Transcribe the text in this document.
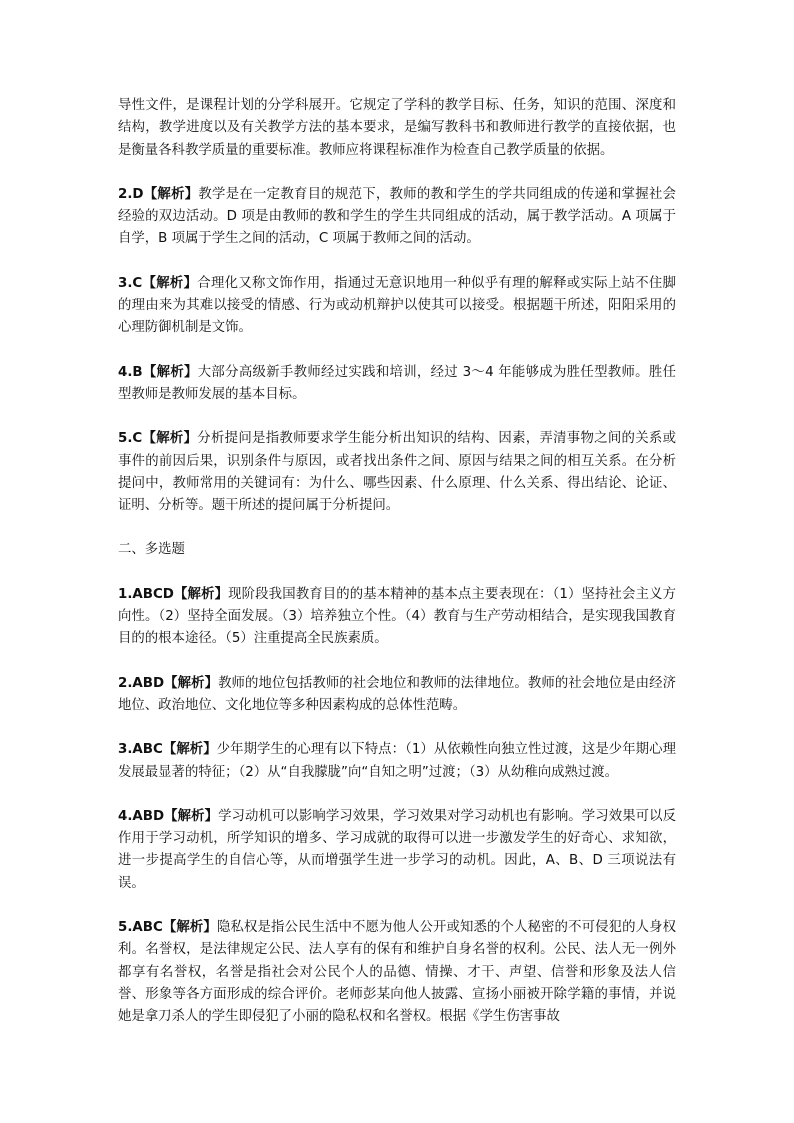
导性文件，是课程计划的分学科展开。它规定了学科的教学目标、任务，知识的范围、深度和结构，教学进度以及有关教学方法的基本要求，是编写教科书和教师进行教学的直接依据，也是衡量各科教学质量的重要标准。教师应将课程标准作为检查自己教学质量的依据。

2.D【解析】教学是在一定教育目的规范下，教师的教和学生的学共同组成的传递和掌握社会经验的双边活动。D 项是由教师的教和学生的学生共同组成的活动，属于教学活动。A 项属于自学，B 项属于学生之间的活动，C 项属于教师之间的活动。

3.C【解析】合理化又称文饰作用，指通过无意识地用一种似乎有理的解释或实际上站不住脚的理由来为其难以接受的情感、行为或动机辩护以使其可以接受。根据题干所述，阳阳采用的心理防御机制是文饰。

4.B【解析】大部分高级新手教师经过实践和培训，经过 3～4 年能够成为胜任型教师。胜任型教师是教师发展的基本目标。

5.C【解析】分析提问是指教师要求学生能分析出知识的结构、因素，弄清事物之间的关系或事件的前因后果，识别条件与原因，或者找出条件之间、原因与结果之间的相互关系。在分析提问中，教师常用的关键词有：为什么、哪些因素、什么原理、什么关系、得出结论、论证、证明、分析等。题干所述的提问属于分析提问。

二、多选题

1.ABCD【解析】现阶段我国教育目的的基本精神的基本点主要表现在：（1）坚持社会主义方向性。（2）坚持全面发展。（3）培养独立个性。（4）教育与生产劳动相结合，是实现我国教育目的的根本途径。（5）注重提高全民族素质。

2.ABD【解析】教师的地位包括教师的社会地位和教师的法律地位。教师的社会地位是由经济地位、政治地位、文化地位等多种因素构成的总体性范畴。

3.ABC【解析】少年期学生的心理有以下特点：（1）从依赖性向独立性过渡，这是少年期心理发展最显著的特征；（2）从“自我朦胧”向“自知之明”过渡；（3）从幼稚向成熟过渡。

4.ABD【解析】学习动机可以影响学习效果，学习效果对学习动机也有影响。学习效果可以反作用于学习动机，所学知识的增多、学习成就的取得可以进一步激发学生的好奇心、求知欲，进一步提高学生的自信心等，从而增强学生进一步学习的动机。因此，A、B、D 三项说法有误。

5.ABC【解析】隐私权是指公民生活中不愿为他人公开或知悉的个人秘密的不可侵犯的人身权利。名誉权，是法律规定公民、法人享有的保有和维护自身名誉的权利。公民、法人无一例外都享有名誉权，名誉是指社会对公民个人的品德、情操、才干、声望、信誉和形象及法人信誉、形象等各方面形成的综合评价。老师彭某向他人披露、宣扬小丽被开除学籍的事情，并说她是拿刀杀人的学生即侵犯了小丽的隐私权和名誉权。根据《学生伤害事故
